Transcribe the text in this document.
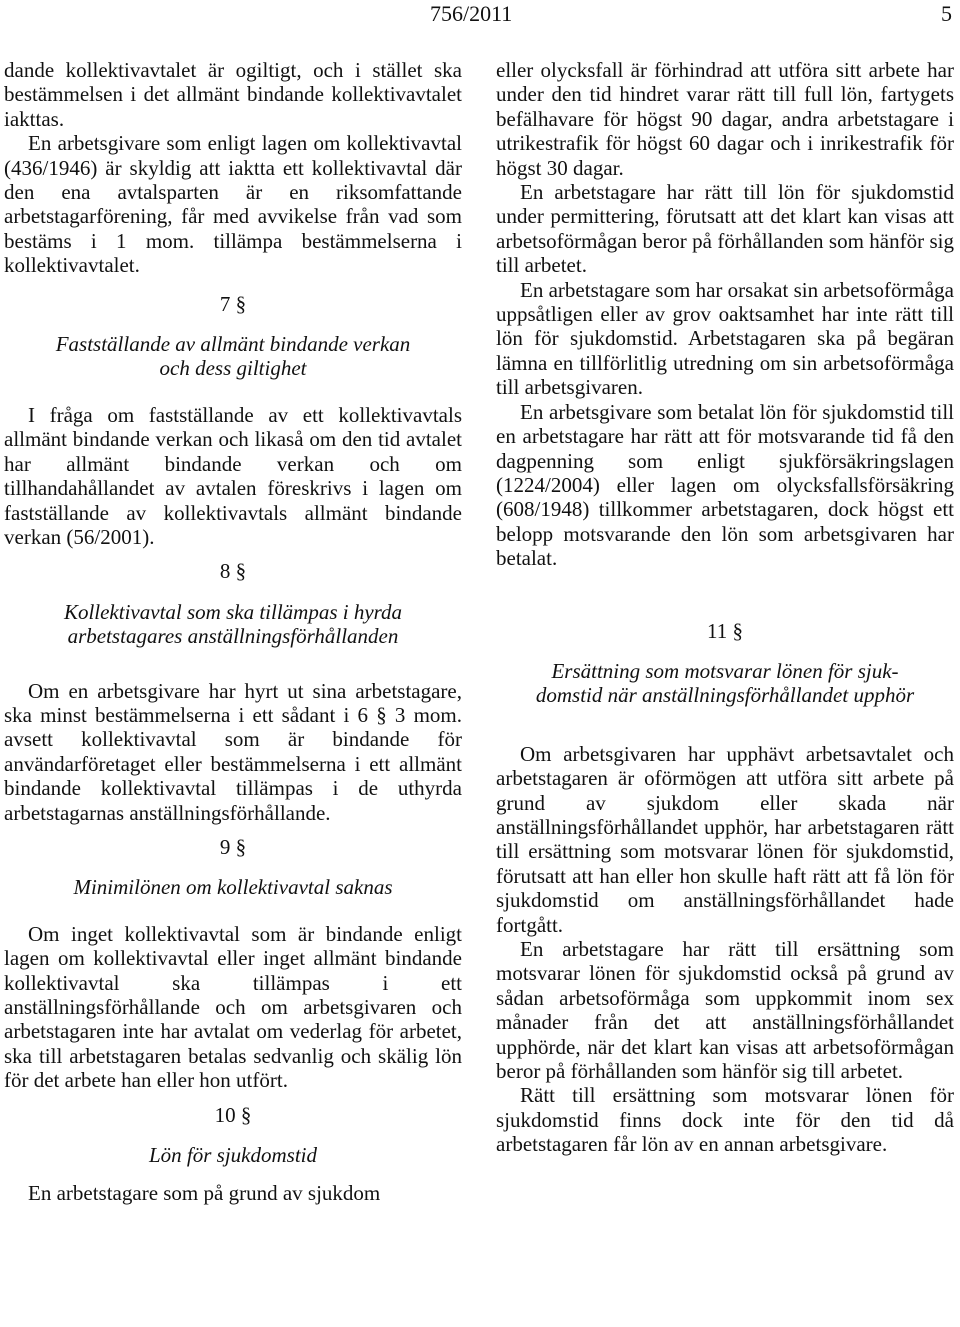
756/2011	5

dande kollektivavtalet är ogiltigt, och i stället ska bestämmelsen i det allmänt bindande kollektivavtalet iakttas.

En arbetsgivare som enligt lagen om kollektivavtal (436/1946) är skyldig att iaktta ett kollektivavtal där den ena avtalsparten är en riksomfattande arbetstagarförening, får med avvikelse från vad som bestäms i 1 mom. tillämpa bestämmelserna i kollektivavtalet.

7 §
Fastställande av allmänt bindande verkan
och dess giltighet

I fråga om fastställande av ett kollektivavtals allmänt bindande verkan och likaså om den tid avtalet har allmänt bindande verkan och om tillhandahållandet av avtalen föreskrivs i lagen om fastställande av kollektivavtals allmänt bindande verkan (56/2001).

8 §
Kollektivavtal som ska tillämpas i hyrda
arbetstagares anställningsförhållanden

Om en arbetsgivare har hyrt ut sina arbetstagare, ska minst bestämmelserna i ett sådant i 6 § 3 mom. avsett kollektivavtal som är bindande för användarföretaget eller bestämmelserna i ett allmänt bindande kollektivavtal tillämpas i de uthyrda arbetstagarnas anställningsförhållande.

9 §
Minimilönen om kollektivavtal saknas

Om inget kollektivavtal som är bindande enligt lagen om kollektivavtal eller inget allmänt bindande kollektivavtal ska tillämpas i ett anställningsförhållande och om arbetsgivaren och arbetstagaren inte har avtalat om vederlag för arbetet, ska till arbetstagaren betalas sedvanlig och skälig lön för det arbete han eller hon utfört.

10 §
Lön för sjukdomstid

En arbetstagare som på grund av sjukdom

eller olycksfall är förhindrad att utföra sitt arbete har under den tid hindret varar rätt till full lön, fartygets befälhavare för högst 90 dagar, andra arbetstagare i utrikestrafik för högst 60 dagar och i inrikestrafik för högst 30 dagar.

En arbetstagare har rätt till lön för sjukdomstid under permittering, förutsatt att det klart kan visas att arbetsoförmågan beror på förhållanden som hänför sig till arbetet.

En arbetstagare som har orsakat sin arbetsoförmåga uppsåtligen eller av grov oaktsamhet har inte rätt till lön för sjukdomstid. Arbetstagaren ska på begäran lämna en tillförlitlig utredning om sin arbetsoförmåga till arbetsgivaren.

En arbetsgivare som betalat lön för sjukdomstid till en arbetstagare har rätt att för motsvarande tid få den dagpenning som enligt sjukförsäkringslagen (1224/2004) eller lagen om olycksfallsförsäkring (608/1948) tillkommer arbetstagaren, dock högst ett belopp motsvarande den lön som arbetsgivaren har betalat.

11 §
Ersättning som motsvarar lönen för sjuk-
domstid när anställningsförhållandet upphör

Om arbetsgivaren har upphävt arbetsavtalet och arbetstagaren är oförmögen att utföra sitt arbete på grund av sjukdom eller skada när anställningsförhållandet upphör, har arbetstagaren rätt till ersättning som motsvarar lönen för sjukdomstid, förutsatt att han eller hon skulle haft rätt att få lön för sjukdomstid om anställningsförhållandet hade fortgått.

En arbetstagare har rätt till ersättning som motsvarar lönen för sjukdomstid också på grund av sådan arbetsoförmåga som uppkommit inom sex månader från det att anställningsförhållandet upphörde, när det klart kan visas att arbetsoförmågan beror på förhållanden som hänför sig till arbetet.

Rätt till ersättning som motsvarar lönen för sjukdomstid finns dock inte för den tid då arbetstagaren får lön av en annan arbetsgivare.
